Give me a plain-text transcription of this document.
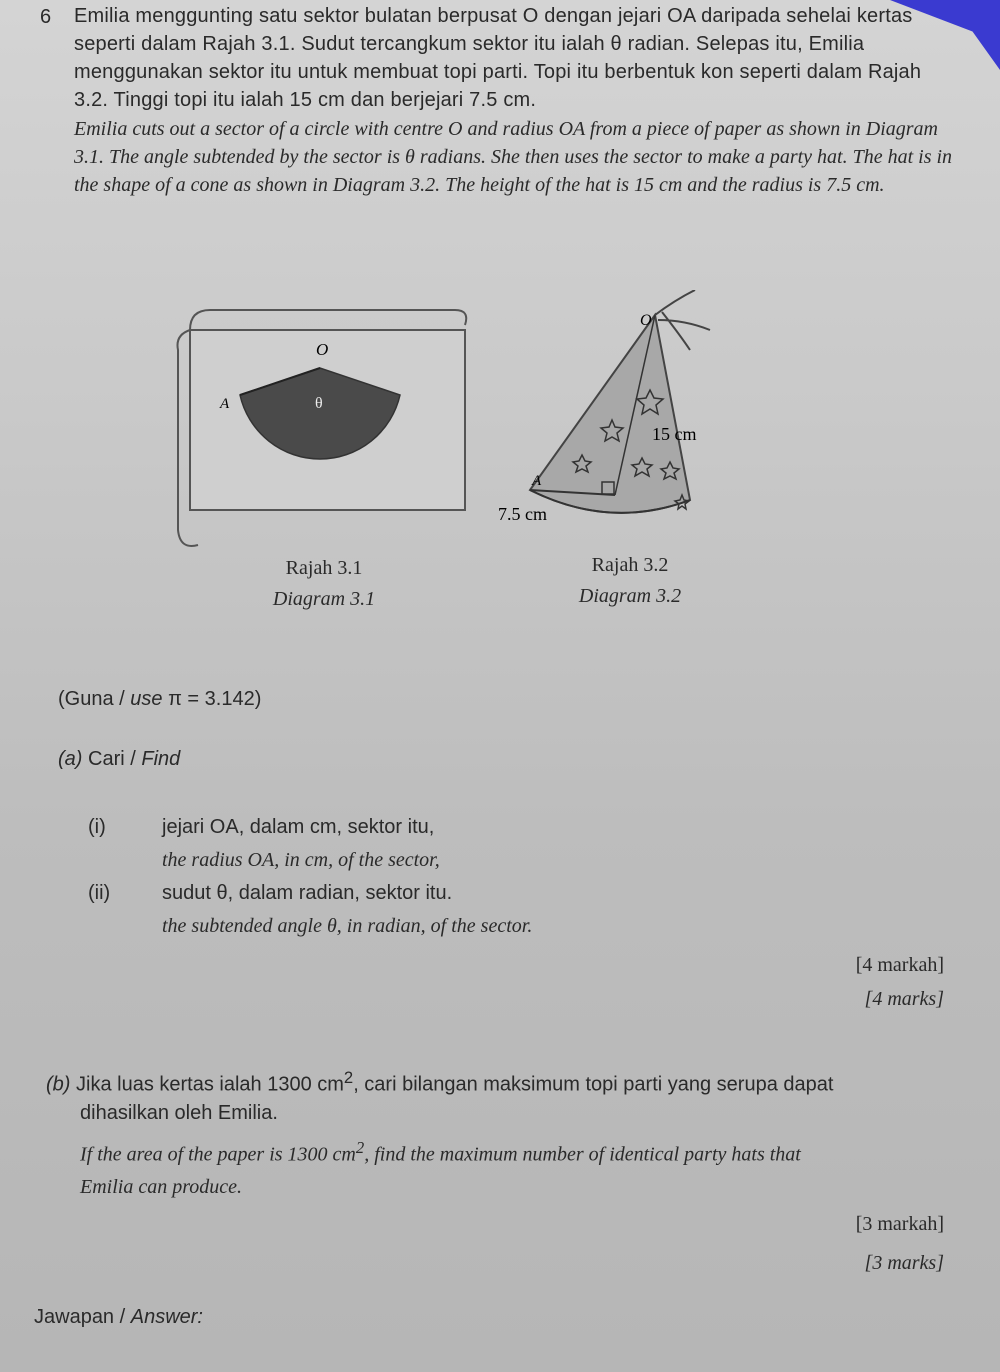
6 Emilia menggunting satu sektor bulatan berpusat O dengan jejari OA daripada sehelai kertas seperti dalam Rajah 3.1. Sudut tercangkum sektor itu ialah θ radian. Selepas itu, Emilia menggunakan sektor itu untuk membuat topi parti. Topi itu berbentuk kon seperti dalam Rajah 3.2. Tinggi topi itu ialah 15 cm dan berjejari 7.5 cm.
Emilia cuts out a sector of a circle with centre O and radius OA from a piece of paper as shown in Diagram 3.1. The angle subtended by the sector is θ radians. She then uses the sector to make a party hat. The hat is in the shape of a cone as shown in Diagram 3.2. The height of the hat is 15 cm and the radius is 7.5 cm.
O
A	θ
Rajah 3.1
Diagram 3.1
O
A
15 cm
7.5 cm
Rajah 3.2
Diagram 3.2
(Guna / use π = 3.142)
(a) Cari / Find
(i)	jejari OA, dalam cm, sektor itu,
the radius OA, in cm, of the sector,
(ii)	sudut θ, dalam radian, sektor itu.
the subtended angle θ, in radian, of the sector.
[4 markah]
[4 marks]
(b) Jika luas kertas ialah 1300 $cm^2$, cari bilangan maksimum topi parti yang serupa dapat
dihasilkan oleh Emilia.
If the area of the paper is 1300 $cm^2$, find the maximum number of identical party hats that
Emilia can produce.
[3 markah]
[3 marks]
Jawapan / Answer:
